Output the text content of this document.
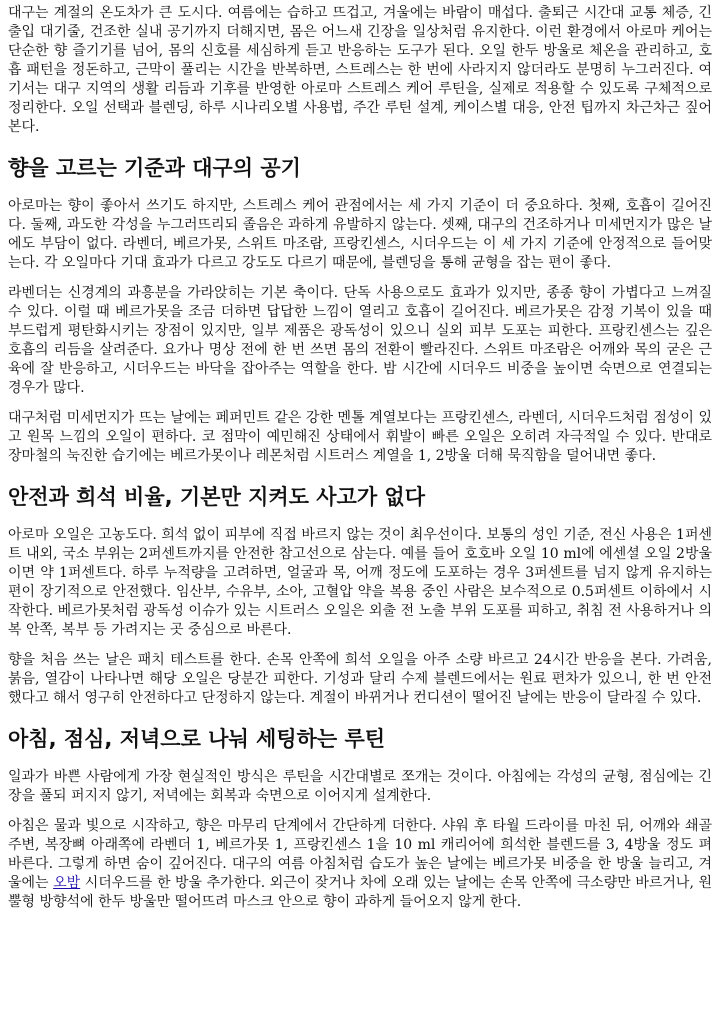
대구는 계절의 온도차가 큰 도시다. 여름에는 습하고 뜨겁고, 겨울에는 바람이 매섭다. 출퇴근 시간대 교통 체증, 긴 출입 대기줄, 건조한 실내 공기까지 더해지면, 몸은 어느새 긴장을 일상처럼 유지한다. 이런 환경에서 아로마 케어는 단순한 향 즐기기를 넘어, 몸의 신호를 세심하게 듣고 반응하는 도구가 된다. 오일 한두 방울로 체온을 관리하고, 호흡 패턴을 정돈하고, 근막이 풀리는 시간을 반복하면, 스트레스는 한 번에 사라지지 않더라도 분명히 누그러진다. 여기서는 대구 지역의 생활 리듬과 기후를 반영한 아로마 스트레스 케어 루틴을, 실제로 적용할 수 있도록 구체적으로 정리한다. 오일 선택과 블렌딩, 하루 시나리오별 사용법, 주간 루틴 설계, 케이스별 대응, 안전 팁까지 차근차근 짚어본다.

향을 고르는 기준과 대구의 공기

아로마는 향이 좋아서 쓰기도 하지만, 스트레스 케어 관점에서는 세 가지 기준이 더 중요하다. 첫째, 호흡이 길어진다. 둘째, 과도한 각성을 누그러뜨리되 졸음은 과하게 유발하지 않는다. 셋째, 대구의 건조하거나 미세먼지가 많은 날에도 부담이 없다. 라벤더, 베르가못, 스위트 마조람, 프랑킨센스, 시더우드는 이 세 가지 기준에 안정적으로 들어맞는다. 각 오일마다 기대 효과가 다르고 강도도 다르기 때문에, 블렌딩을 통해 균형을 잡는 편이 좋다.

라벤더는 신경계의 과흥분을 가라앉히는 기본 축이다. 단독 사용으로도 효과가 있지만, 종종 향이 가볍다고 느껴질 수 있다. 이럴 때 베르가못을 조금 더하면 답답한 느낌이 열리고 호흡이 길어진다. 베르가못은 감정 기복이 있을 때 부드럽게 평탄화시키는 장점이 있지만, 일부 제품은 광독성이 있으니 실외 피부 도포는 피한다. 프랑킨센스는 깊은 호흡의 리듬을 살려준다. 요가나 명상 전에 한 번 쓰면 몸의 전환이 빨라진다. 스위트 마조람은 어깨와 목의 굳은 근육에 잘 반응하고, 시더우드는 바닥을 잡아주는 역할을 한다. 밤 시간에 시더우드 비중을 높이면 숙면으로 연결되는 경우가 많다.

대구처럼 미세먼지가 뜨는 날에는 페퍼민트 같은 강한 멘톨 계열보다는 프랑킨센스, 라벤더, 시더우드처럼 점성이 있고 원목 느낌의 오일이 편하다. 코 점막이 예민해진 상태에서 휘발이 빠른 오일은 오히려 자극적일 수 있다. 반대로 장마철의 눅진한 습기에는 베르가못이나 레몬처럼 시트러스 계열을 1, 2방울 더해 묵직함을 덜어내면 좋다.

안전과 희석 비율, 기본만 지켜도 사고가 없다

아로마 오일은 고농도다. 희석 없이 피부에 직접 바르지 않는 것이 최우선이다. 보통의 성인 기준, 전신 사용은 1퍼센트 내외, 국소 부위는 2퍼센트까지를 안전한 참고선으로 삼는다. 예를 들어 호호바 오일 10 ml에 에센셜 오일 2방울이면 약 1퍼센트다. 하루 누적량을 고려하면, 얼굴과 목, 어깨 정도에 도포하는 경우 3퍼센트를 넘지 않게 유지하는 편이 장기적으로 안전했다. 임산부, 수유부, 소아, 고혈압 약을 복용 중인 사람은 보수적으로 0.5퍼센트 이하에서 시작한다. 베르가못처럼 광독성 이슈가 있는 시트러스 오일은 외출 전 노출 부위 도포를 피하고, 취침 전 사용하거나 의복 안쪽, 복부 등 가려지는 곳 중심으로 바른다.

향을 처음 쓰는 날은 패치 테스트를 한다. 손목 안쪽에 희석 오일을 아주 소량 바르고 24시간 반응을 본다. 가려움, 붉음, 열감이 나타나면 해당 오일은 당분간 피한다. 기성과 달리 수제 블렌드에서는 원료 편차가 있으니, 한 번 안전했다고 해서 영구히 안전하다고 단정하지 않는다. 계절이 바뀌거나 컨디션이 떨어진 날에는 반응이 달라질 수 있다.

아침, 점심, 저녁으로 나눠 세팅하는 루틴

일과가 바쁜 사람에게 가장 현실적인 방식은 루틴을 시간대별로 쪼개는 것이다. 아침에는 각성의 균형, 점심에는 긴장을 풀되 퍼지지 않기, 저녁에는 회복과 숙면으로 이어지게 설계한다.

아침은 물과 빛으로 시작하고, 향은 마무리 단계에서 간단하게 더한다. 샤워 후 타월 드라이를 마친 뒤, 어깨와 쇄골 주변, 복장뼈 아래쪽에 라벤더 1, 베르가못 1, 프랑킨센스 1을 10 ml 캐리어에 희석한 블렌드를 3, 4방울 정도 펴 바른다. 그렇게 하면 숨이 깊어진다. 대구의 여름 아침처럼 습도가 높은 날에는 베르가못 비중을 한 방울 늘리고, 겨울에는 오밤 시더우드를 한 방울 추가한다. 외근이 잦거나 차에 오래 있는 날에는 손목 안쪽에 극소량만 바르거나, 원뿔형 방향석에 한두 방울만 떨어뜨려 마스크 안으로 향이 과하게 들어오지 않게 한다.
